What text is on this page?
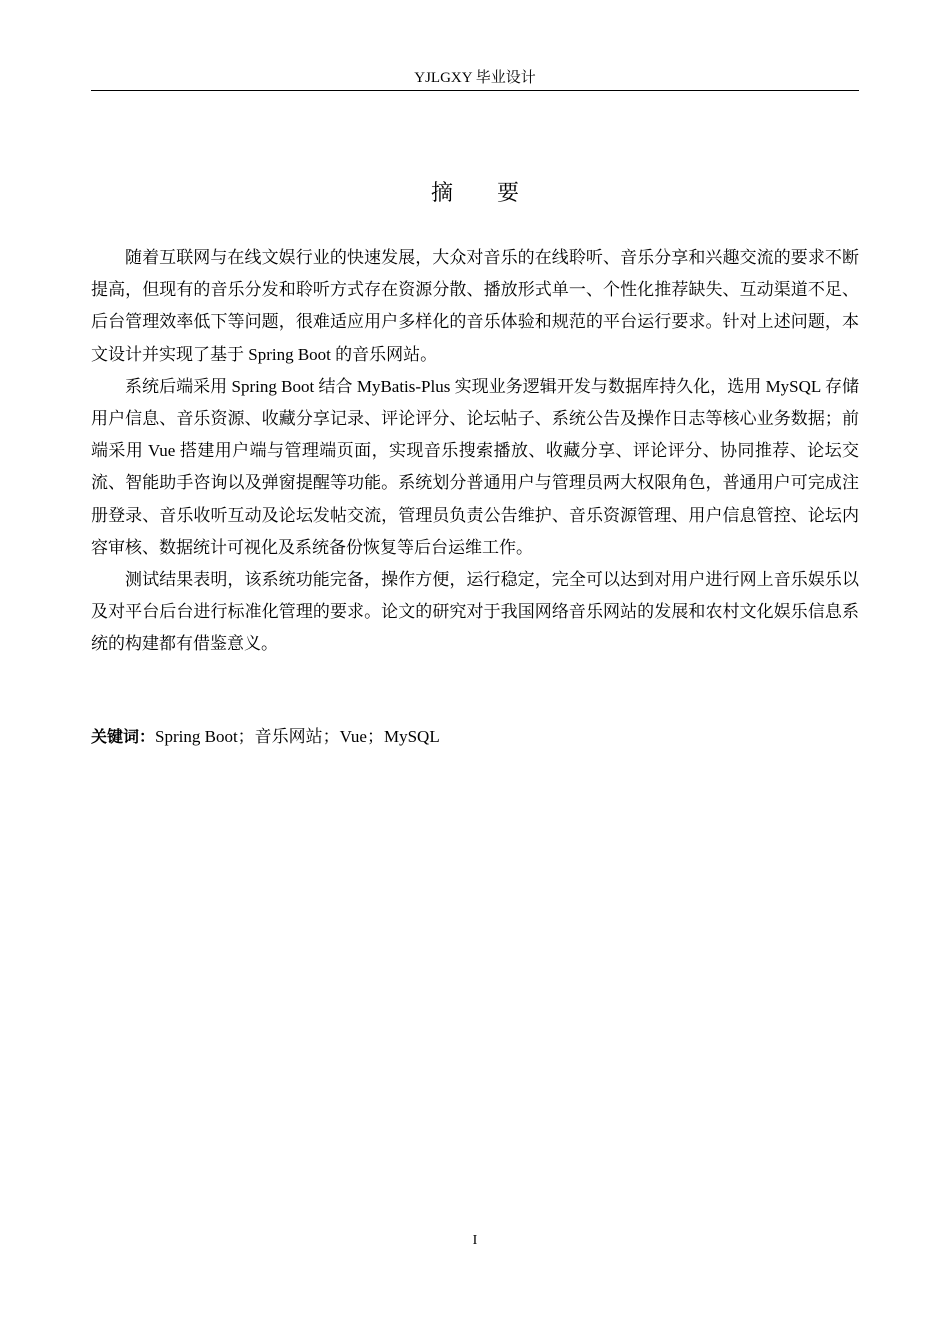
YJLGXY 毕业设计
摘 要

随着互联网与在线文娱行业的快速发展，大众对音乐的在线聆听、音乐分享和兴趣交流的要求不断提高，但现有的音乐分发和聆听方式存在资源分散、播放形式单一、个性化推荐缺失、互动渠道不足、后台管理效率低下等问题，很难适应用户多样化的音乐体验和规范的平台运行要求。针对上述问题，本文设计并实现了基于 Spring Boot 的音乐网站。

系统后端采用 Spring Boot 结合 MyBatis-Plus 实现业务逻辑开发与数据库持久化，选用 MySQL 存储用户信息、音乐资源、收藏分享记录、评论评分、论坛帖子、系统公告及操作日志等核心业务数据；前端采用 Vue 搭建用户端与管理端页面，实现音乐搜索播放、收藏分享、评论评分、协同推荐、论坛交流、智能助手咨询以及弹窗提醒等功能。系统划分普通用户与管理员两大权限角色，普通用户可完成注册登录、音乐收听互动及论坛发帖交流，管理员负责公告维护、音乐资源管理、用户信息管控、论坛内容审核、数据统计可视化及系统备份恢复等后台运维工作。

测试结果表明，该系统功能完备，操作方便，运行稳定，完全可以达到对用户进行网上音乐娱乐以及对平台后台进行标准化管理的要求。论文的研究对于我国网络音乐网站的发展和农村文化娱乐信息系统的构建都有借鉴意义。

关键词：Spring Boot；音乐网站；Vue；MySQL
I
